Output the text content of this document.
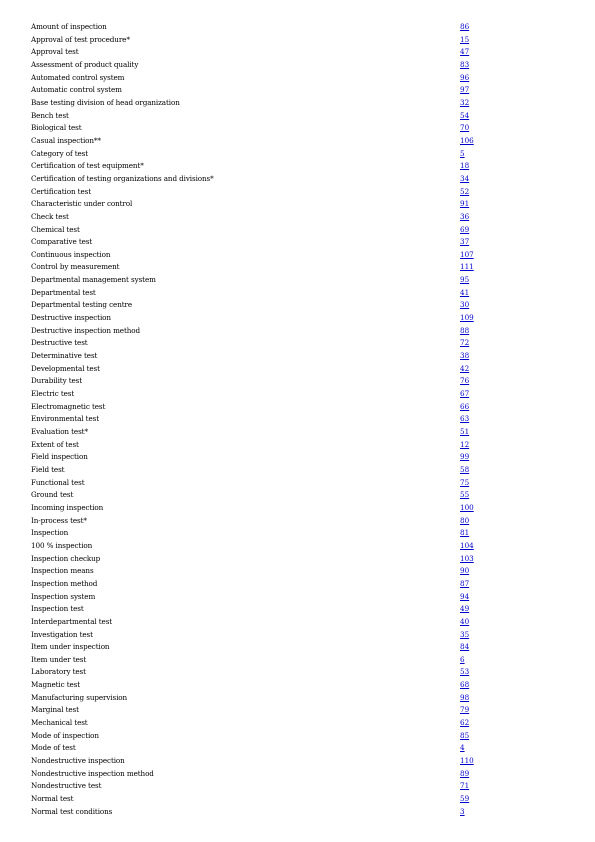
Amount of inspection	86
Approval of test procedure*	15
Approval test	47
Assessment of product quality	83
Automated control system	96
Automatic control system	97
Base testing division of head organization	32
Bench test	54
Biological test	70
Casual inspection**	106
Category of test	5
Certification of test equipment*	18
Certification of testing organizations and divisions*	34
Certification test	52
Characteristic under control	91
Check test	36
Chemical test	69
Comparative test	37
Continuous inspection	107
Control by measurement	111
Departmental management system	95
Departmental test	41
Departmental testing centre	30
Destructive inspection	109
Destructive inspection method	88
Destructive test	72
Determinative test	38
Developmental test	42
Durability test	76
Electric test	67
Electromagnetic test	66
Environmental test	63
Evaluation test*	51
Extent of test	12
Field inspection	99
Field test	58
Functional test	75
Ground test	55
Incoming inspection	100
In-process test*	80
Inspection	81
100 % inspection	104
Inspection checkup	103
Inspection means	90
Inspection method	87
Inspection system	94
Inspection test	49
Interdepartmental test	40
Investigation test	35
Item under inspection	84
Item under test	6
Laboratory test	53
Magnetic test	68
Manufacturing supervision	98
Marginal test	79
Mechanical test	62
Mode of inspection	85
Mode of test	4
Nondestructive inspection	110
Nondestructive inspection method	89
Nondestructive test	71
Normal test	59
Normal test conditions	3
